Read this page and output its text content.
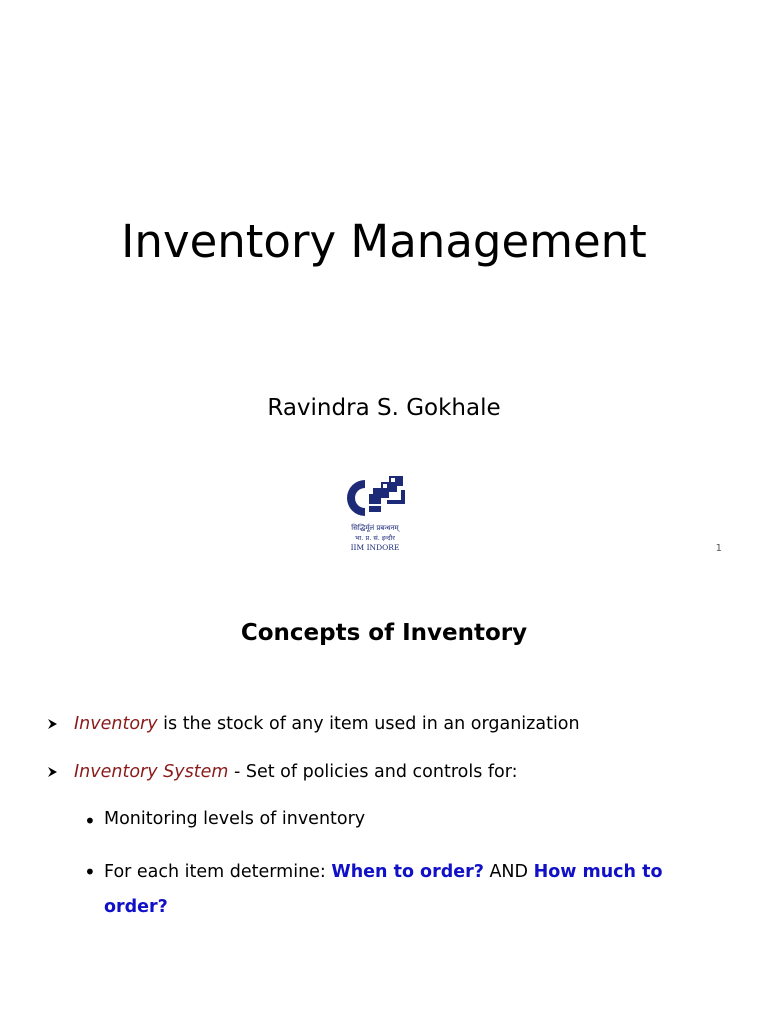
Inventory Management
Ravindra S. Gokhale
सिद्धिर्मूलं प्रबन्धनम्
भा. प्र. सं. इन्दौर
IIM INDORE	1
Concepts of Inventory
Inventory is the stock of any item used in an organization
Inventory System - Set of policies and controls for:
• Monitoring levels of inventory
• For each item determine: When to order? AND How much to order?
